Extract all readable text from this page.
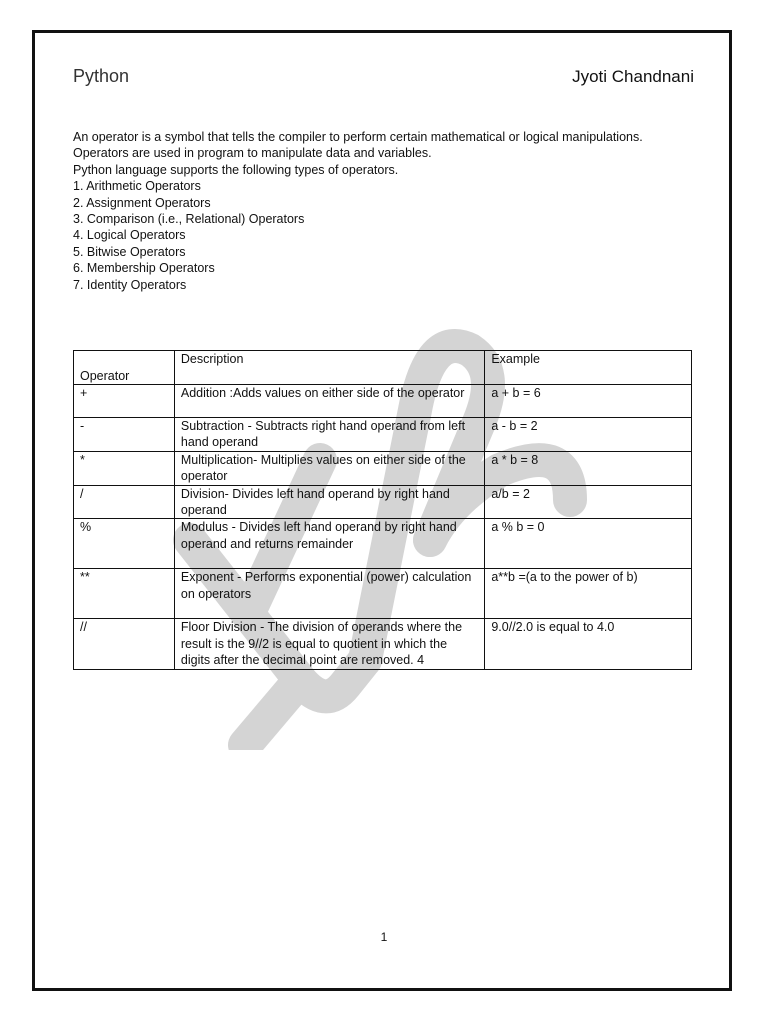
Python	Jyoti Chandnani

An operator is a symbol that tells the compiler to perform certain mathematical or logical manipulations. Operators are used in program to manipulate data and variables.

Python language supports the following types of operators.

1. Arithmetic Operators
2. Assignment Operators
3. Comparison (i.e., Relational) Operators
4. Logical Operators
5. Bitwise Operators
6. Membership Operators
7. Identity Operators
Operator	Description	Example
+	Addition :Adds values on either side of the operator	a + b = 6
-	Subtraction - Subtracts right hand operand from left hand operand	a - b = 2
*	Multiplication- Multiplies values on either side of the operator	a * b = 8
/	Division- Divides left hand operand by right hand operand	a/b = 2
%	Modulus - Divides left hand operand by right hand operand and returns remainder	a % b = 0
**	Exponent - Performs exponential (power) calculation on operators	a**b =(a to the power of b)
//	Floor Division - The division of operands where the result is the 9//2 is equal to quotient in which the digits after the decimal point are removed. 4	9.0//2.0 is equal to 4.0
1
